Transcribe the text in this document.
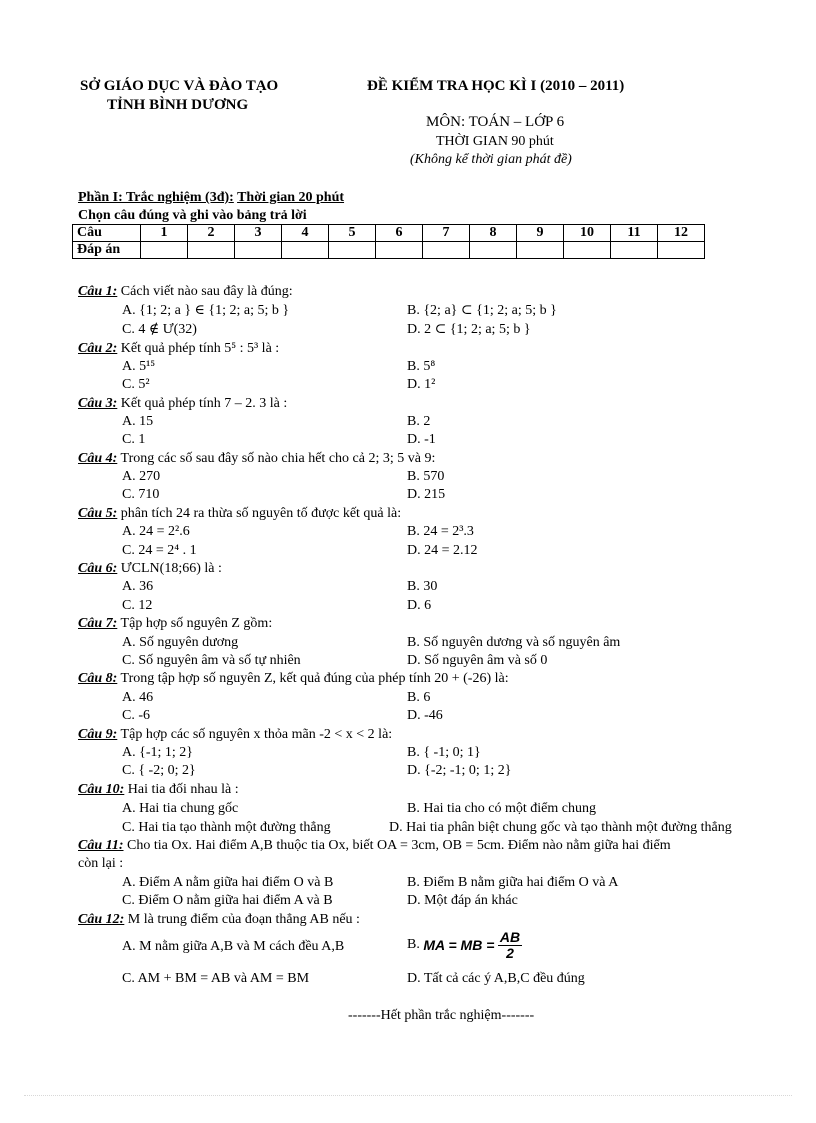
SỞ GIÁO DỤC VÀ ĐÀO TẠO
TỈNH BÌNH DƯƠNG
ĐỀ KIỂM TRA HỌC KÌ I (2010 – 2011)
MÔN: TOÁN – LỚP 6
THỜI GIAN 90 phút
(Không kể thời gian phát đề)
Phần I: Trắc nghiệm (3đ): Thời gian 20 phút
Chọn câu đúng và ghi vào bảng trả lời
Câu	1	2	3	4	5	6	7	8	9	10	11	12
Đáp án												
Câu 1: Cách viết nào sau đây là đúng:
A. {1; 2; a } ∈ {1; 2; a; 5; b }	B. {2; a} ⊂ {1; 2; a; 5; b }
C. 4 ∉ Ư(32)	D. 2 ⊂ {1; 2; a; 5; b }
Câu 2: Kết quả phép tính 5⁵ : 5³ là :
A. 5¹⁵	B. 5⁸
C. 5²	D. 1²
Câu 3: Kết quả phép tính 7 – 2. 3 là :
A. 15	B. 2
C. 1	D. -1
Câu 4: Trong các số sau đây số nào chia hết cho cả 2; 3; 5 và 9:
A. 270	B. 570
C. 710	D. 215
Câu 5: phân tích 24 ra thừa số nguyên tố được kết quả là:
A. 24 = 2².6	B. 24 = 2³.3
C. 24 = 2⁴ . 1	D. 24 = 2.12
Câu 6: ƯCLN(18;66) là :
A. 36	B. 30
C. 12	D. 6
Câu 7: Tập hợp số nguyên Z gồm:
A. Số nguyên dương	B. Số nguyên dương và số nguyên âm
C. Số nguyên âm và số tự nhiên	D. Số nguyên âm và số 0
Câu 8: Trong tập hợp số nguyên Z, kết quả đúng của phép tính 20 + (-26) là:
A. 46	B. 6
C. -6	D. -46
Câu 9: Tập hợp các số nguyên x thỏa mãn -2 < x < 2 là:
A. {-1; 1; 2}	B. { -1; 0; 1}
C. { -2; 0; 2}	D. {-2; -1; 0; 1; 2}
Câu 10: Hai tia đối nhau là :
A. Hai tia chung gốc	B. Hai tia cho có một điểm chung
C. Hai tia tạo thành một đường thẳng	D. Hai tia phân biệt chung gốc và tạo thành một đường thẳng
Câu 11: Cho tia Ox. Hai điểm A,B thuộc tia Ox, biết OA = 3cm, OB = 5cm. Điểm nào nằm giữa hai điểm
còn lại :
A. Điểm A nằm giữa hai điểm O và B	B. Điểm B nằm giữa hai điểm O và A
C. Điểm O nằm giữa hai điểm A và B	D. Một đáp án khác
Câu 12: M là trung điểm của đoạn thẳng AB nếu :
A. M nằm giữa A,B và M cách đều A,B	B.
MA = MB =
$\frac{AB}{2}$
C. AM + BM = AB và AM = BM	D. Tất cả các ý A,B,C đều đúng
-------Hết phần trắc nghiệm-------
